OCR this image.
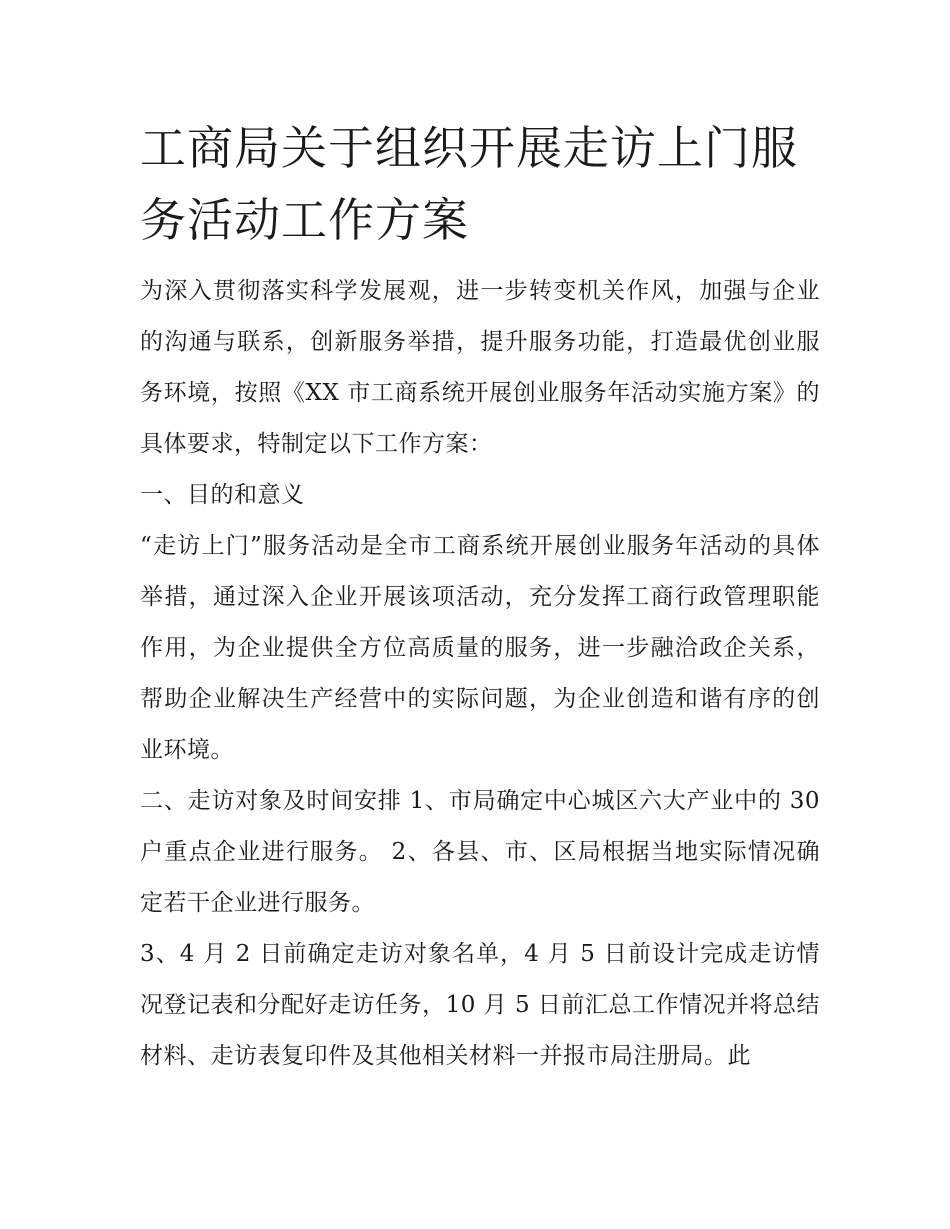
工商局关于组织开展走访上门服务活动工作方案

为深入贯彻落实科学发展观，进一步转变机关作风，加强与企业的沟通与联系，创新服务举措，提升服务功能，打造最优创业服务环境，按照《XX 市工商系统开展创业服务年活动实施方案》的具体要求，特制定以下工作方案：

一、目的和意义

“走访上门”服务活动是全市工商系统开展创业服务年活动的具体举措，通过深入企业开展该项活动，充分发挥工商行政管理职能作用，为企业提供全方位高质量的服务，进一步融洽政企关系，帮助企业解决生产经营中的实际问题，为企业创造和谐有序的创业环境。

二、走访对象及时间安排 1、市局确定中心城区六大产业中的 30 户重点企业进行服务。 2、各县、市、区局根据当地实际情况确定若干企业进行服务。

3、4 月 2 日前确定走访对象名单，4 月 5 日前设计完成走访情况登记表和分配好走访任务，10 月 5 日前汇总工作情况并将总结材料、走访表复印件及其他相关材料一并报市局注册局。此
